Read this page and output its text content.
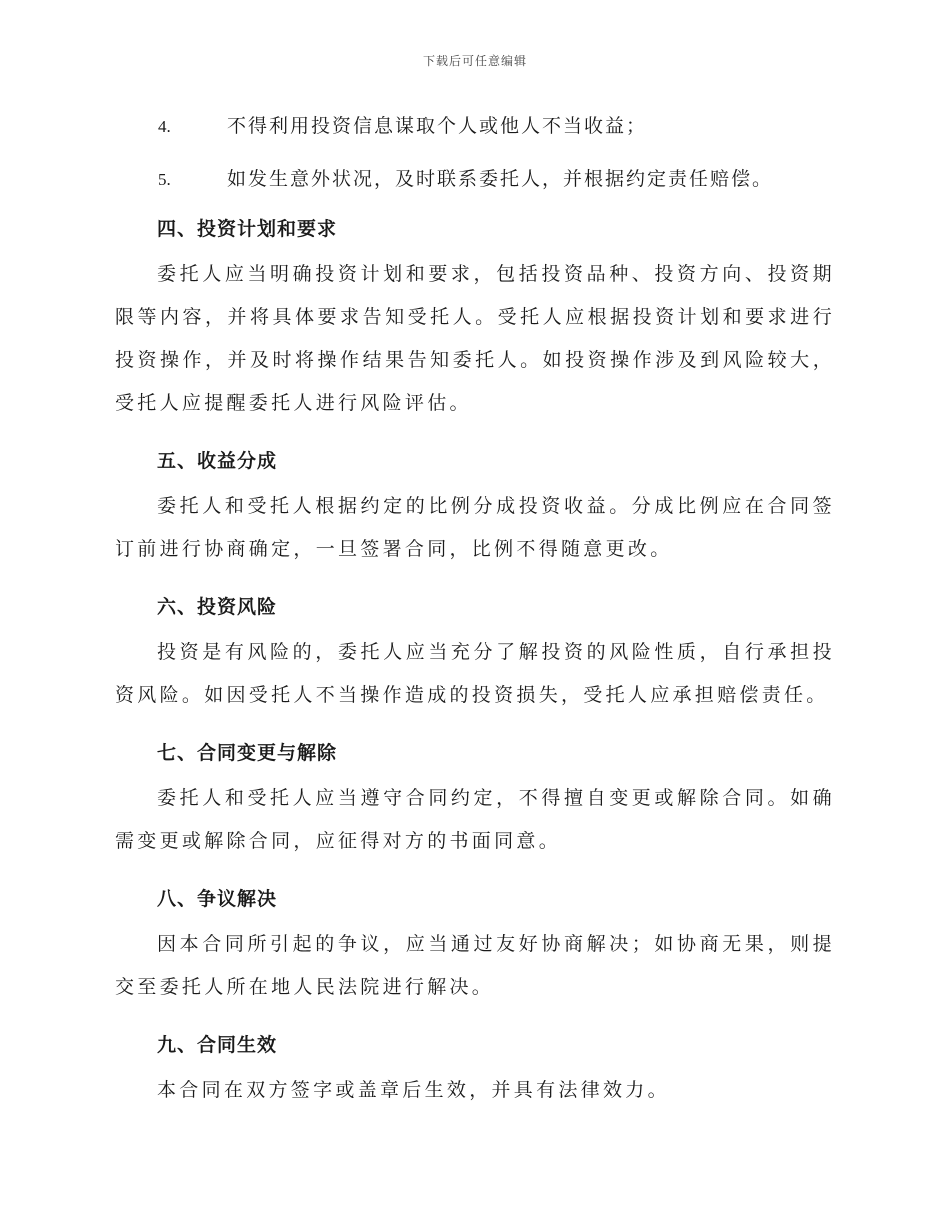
下载后可任意编辑
4.	不得利用投资信息谋取个人或他人不当收益；
5.	如发生意外状况，及时联系委托人，并根据约定责任赔偿。
四、投资计划和要求

委托人应当明确投资计划和要求，包括投资品种、投资方向、投资期限等内容，并将具体要求告知受托人。受托人应根据投资计划和要求进行投资操作，并及时将操作结果告知委托人。如投资操作涉及到风险较大，受托人应提醒委托人进行风险评估。

五、收益分成

委托人和受托人根据约定的比例分成投资收益。分成比例应在合同签订前进行协商确定，一旦签署合同，比例不得随意更改。

六、投资风险

投资是有风险的，委托人应当充分了解投资的风险性质，自行承担投资风险。如因受托人不当操作造成的投资损失，受托人应承担赔偿责任。

七、合同变更与解除

委托人和受托人应当遵守合同约定，不得擅自变更或解除合同。如确需变更或解除合同，应征得对方的书面同意。

八、争议解决

因本合同所引起的争议，应当通过友好协商解决；如协商无果，则提交至委托人所在地人民法院进行解决。

九、合同生效

本合同在双方签字或盖章后生效，并具有法律效力。
